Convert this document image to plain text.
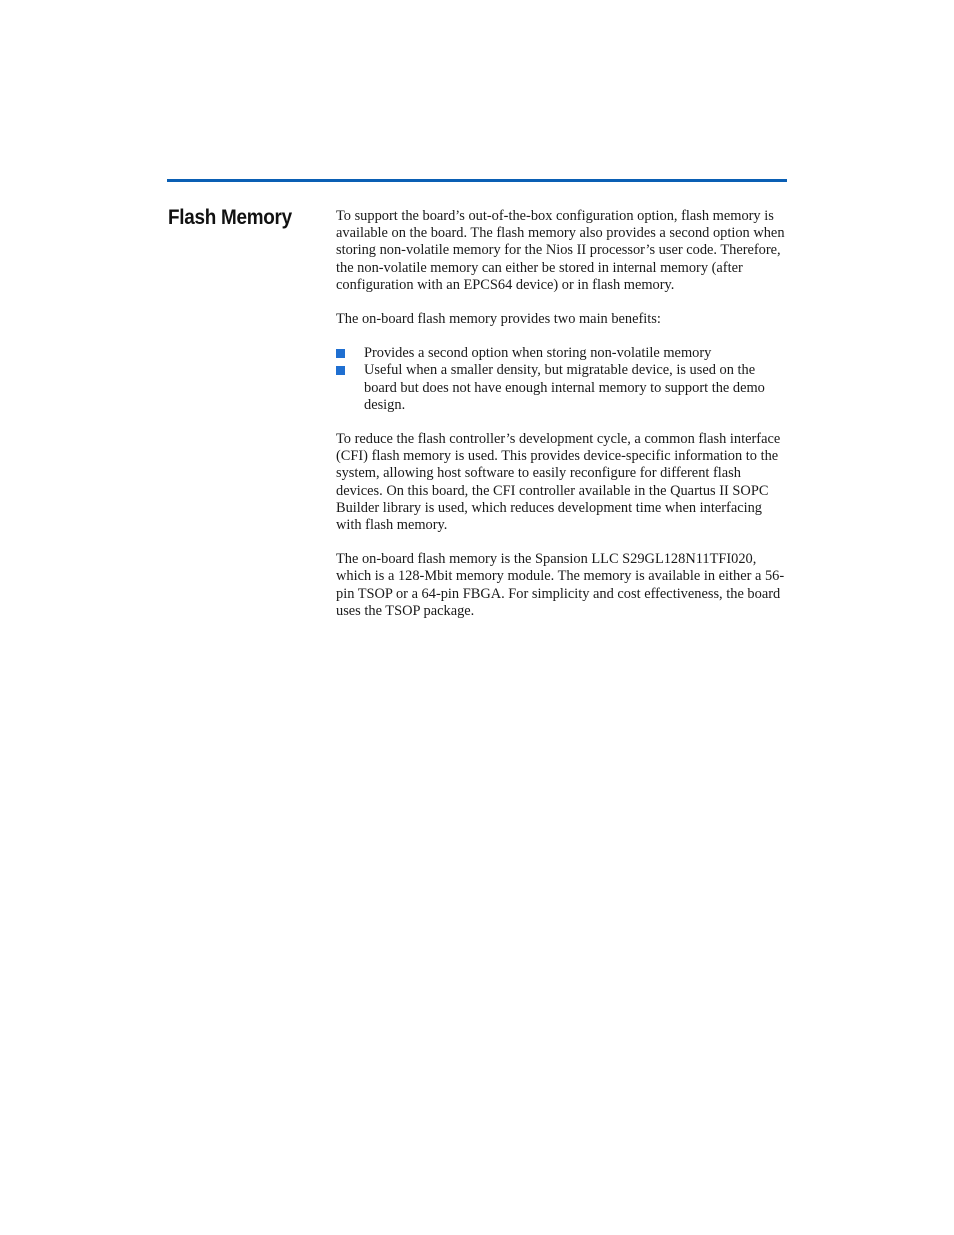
Flash Memory	To support the board’s out-of-the-box configuration option, flash memory is available on the board. The flash memory also provides a second option when storing non-volatile memory for the Nios II processor’s user code. Therefore, the non-volatile memory can either be stored in internal memory (after configuration with an EPCS64 device) or in flash memory.

The on-board flash memory provides two main benefits:

Provides a second option when storing non-volatile memory
Useful when a smaller density, but migratable device, is used on the board but does not have enough internal memory to support the demo design.

To reduce the flash controller’s development cycle, a common flash interface (CFI) flash memory is used. This provides device-specific information to the system, allowing host software to easily reconfigure for different flash devices. On this board, the CFI controller available in the Quartus II SOPC Builder library is used, which reduces development time when interfacing with flash memory.

The on-board flash memory is the Spansion LLC S29GL128N11TFI020, which is a 128-Mbit memory module. The memory is available in either a 56-pin TSOP or a 64-pin FBGA. For simplicity and cost effectiveness, the board uses the TSOP package.
